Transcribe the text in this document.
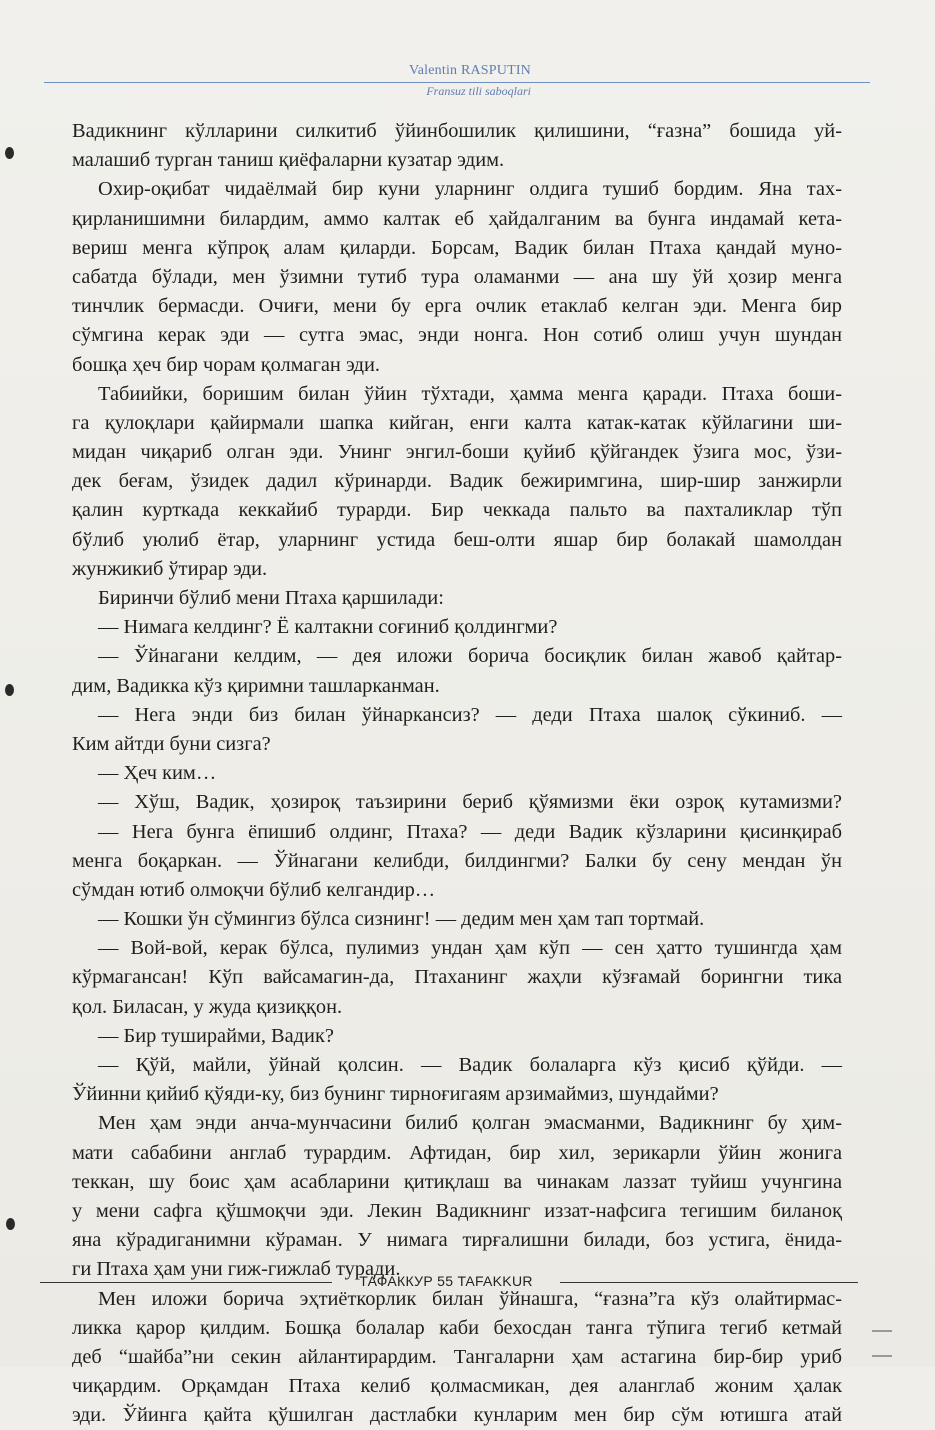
Valentin RASPUTIN
Fransuz tili saboqlari
Вадикнинг кўлларини силкитиб ўйинбошилик қилишини, “ғазна” бошида уй-
малашиб турган таниш қиёфаларни кузатар эдим.
Охир-оқибат чидаёлмай бир куни уларнинг олдига тушиб бордим. Яна тах-
қирланишимни билардим, аммо калтак еб ҳайдалганим ва бунга индамай кета-
вериш менга кўпроқ алам қиларди. Борсам, Вадик билан Птаха қандай муно-
сабатда бўлади, мен ўзимни тутиб тура оламанми — ана шу ўй ҳозир менга
тинчлик бермасди. Очиғи, мени бу ерга очлик етаклаб келган эди. Менга бир
сўмгина керак эди — сутга эмас, энди нонга. Нон сотиб олиш учун шундан
бошқа ҳеч бир чорам қолмаган эди.
Табиийки, боришим билан ўйин тўхтади, ҳамма менга қаради. Птаха боши-
га қулоқлари қайирмали шапка кийган, енги калта катак-катак кўйлагини ши-
мидан чиқариб олган эди. Унинг энгил-боши қуйиб қўйгандек ўзига мос, ўзи-
дек беғам, ўзидек дадил кўринарди. Вадик бежиримгина, шир-шир занжирли
қалин курткада кеккайиб турарди. Бир чеккада пальто ва пахталиклар тўп
бўлиб уюлиб ётар, уларнинг устида беш-олти яшар бир болакай шамолдан
жунжикиб ўтирар эди.
Биринчи бўлиб мени Птаха қаршилади:
— Нимага келдинг? Ё калтакни соғиниб қолдингми?
— Ўйнагани келдим, — дея иложи борича босиқлик билан жавоб қайтар-
дим, Вадикка кўз қиримни ташларканман.
— Нега энди биз билан ўйнаркансиз? — деди Птаха шалоқ сўкиниб. —
Ким айтди буни сизга?
— Ҳеч ким…
— Хўш, Вадик, ҳозироқ таъзирини бериб қўямизми ёки озроқ кутамизми?
— Нега бунга ёпишиб олдинг, Птаха? — деди Вадик кўзларини қисинқираб
менга боқаркан. — Ўйнагани келибди, билдингми? Балки бу сену мендан ўн
сўмдан ютиб олмоқчи бўлиб келгандир…
— Кошки ўн сўмингиз бўлса сизнинг! — дедим мен ҳам тап тортмай.
— Вой-вой, керак бўлса, пулимиз ундан ҳам кўп — сен ҳатто тушингда ҳам
кўрмагансан! Кўп вайсамагин-да, Птаханинг жаҳли кўзғамай борингни тика
қол. Биласан, у жуда қизиққон.
— Бир туширайми, Вадик?
— Қўй, майли, ўйнай қолсин. — Вадик болаларга кўз қисиб қўйди. —
Ўйинни қийиб қўяди-ку, биз бунинг тирноғигаям арзимаймиз, шундайми?
Мен ҳам энди анча-мунчасини билиб қолган эмасманми, Вадикнинг бу ҳим-
мати сабабини англаб турардим. Афтидан, бир хил, зерикарли ўйин жонига
теккан, шу боис ҳам асабларини қитиқлаш ва чинакам лаззат туйиш учунгина
у мени сафга қўшмоқчи эди. Лекин Вадикнинг иззат-нафсига тегишим биланоқ
яна кўрадиганимни кўраман. У нимага тирғалишни билади, боз устига, ёнида-
ги Птаха ҳам уни гиж-гижлаб туради.
Мен иложи борича эҳтиёткорлик билан ўйнашга, “ғазна”га кўз олайтирмас-
ликка қарор қилдим. Бошқа болалар каби бехосдан танга тўпига тегиб кетмай
деб “шайба”ни секин айлантирардим. Тангаларни ҳам астагина бир-бир уриб
чиқардим. Орқамдан Птаха келиб қолмасмикан, дея аланглаб жоним ҳалак
эди. Ўйинга қайта қўшилган дастлабки кунларим мен бир сўм ютишга атай
ТАФАККУР 55 TAFAKKUR
